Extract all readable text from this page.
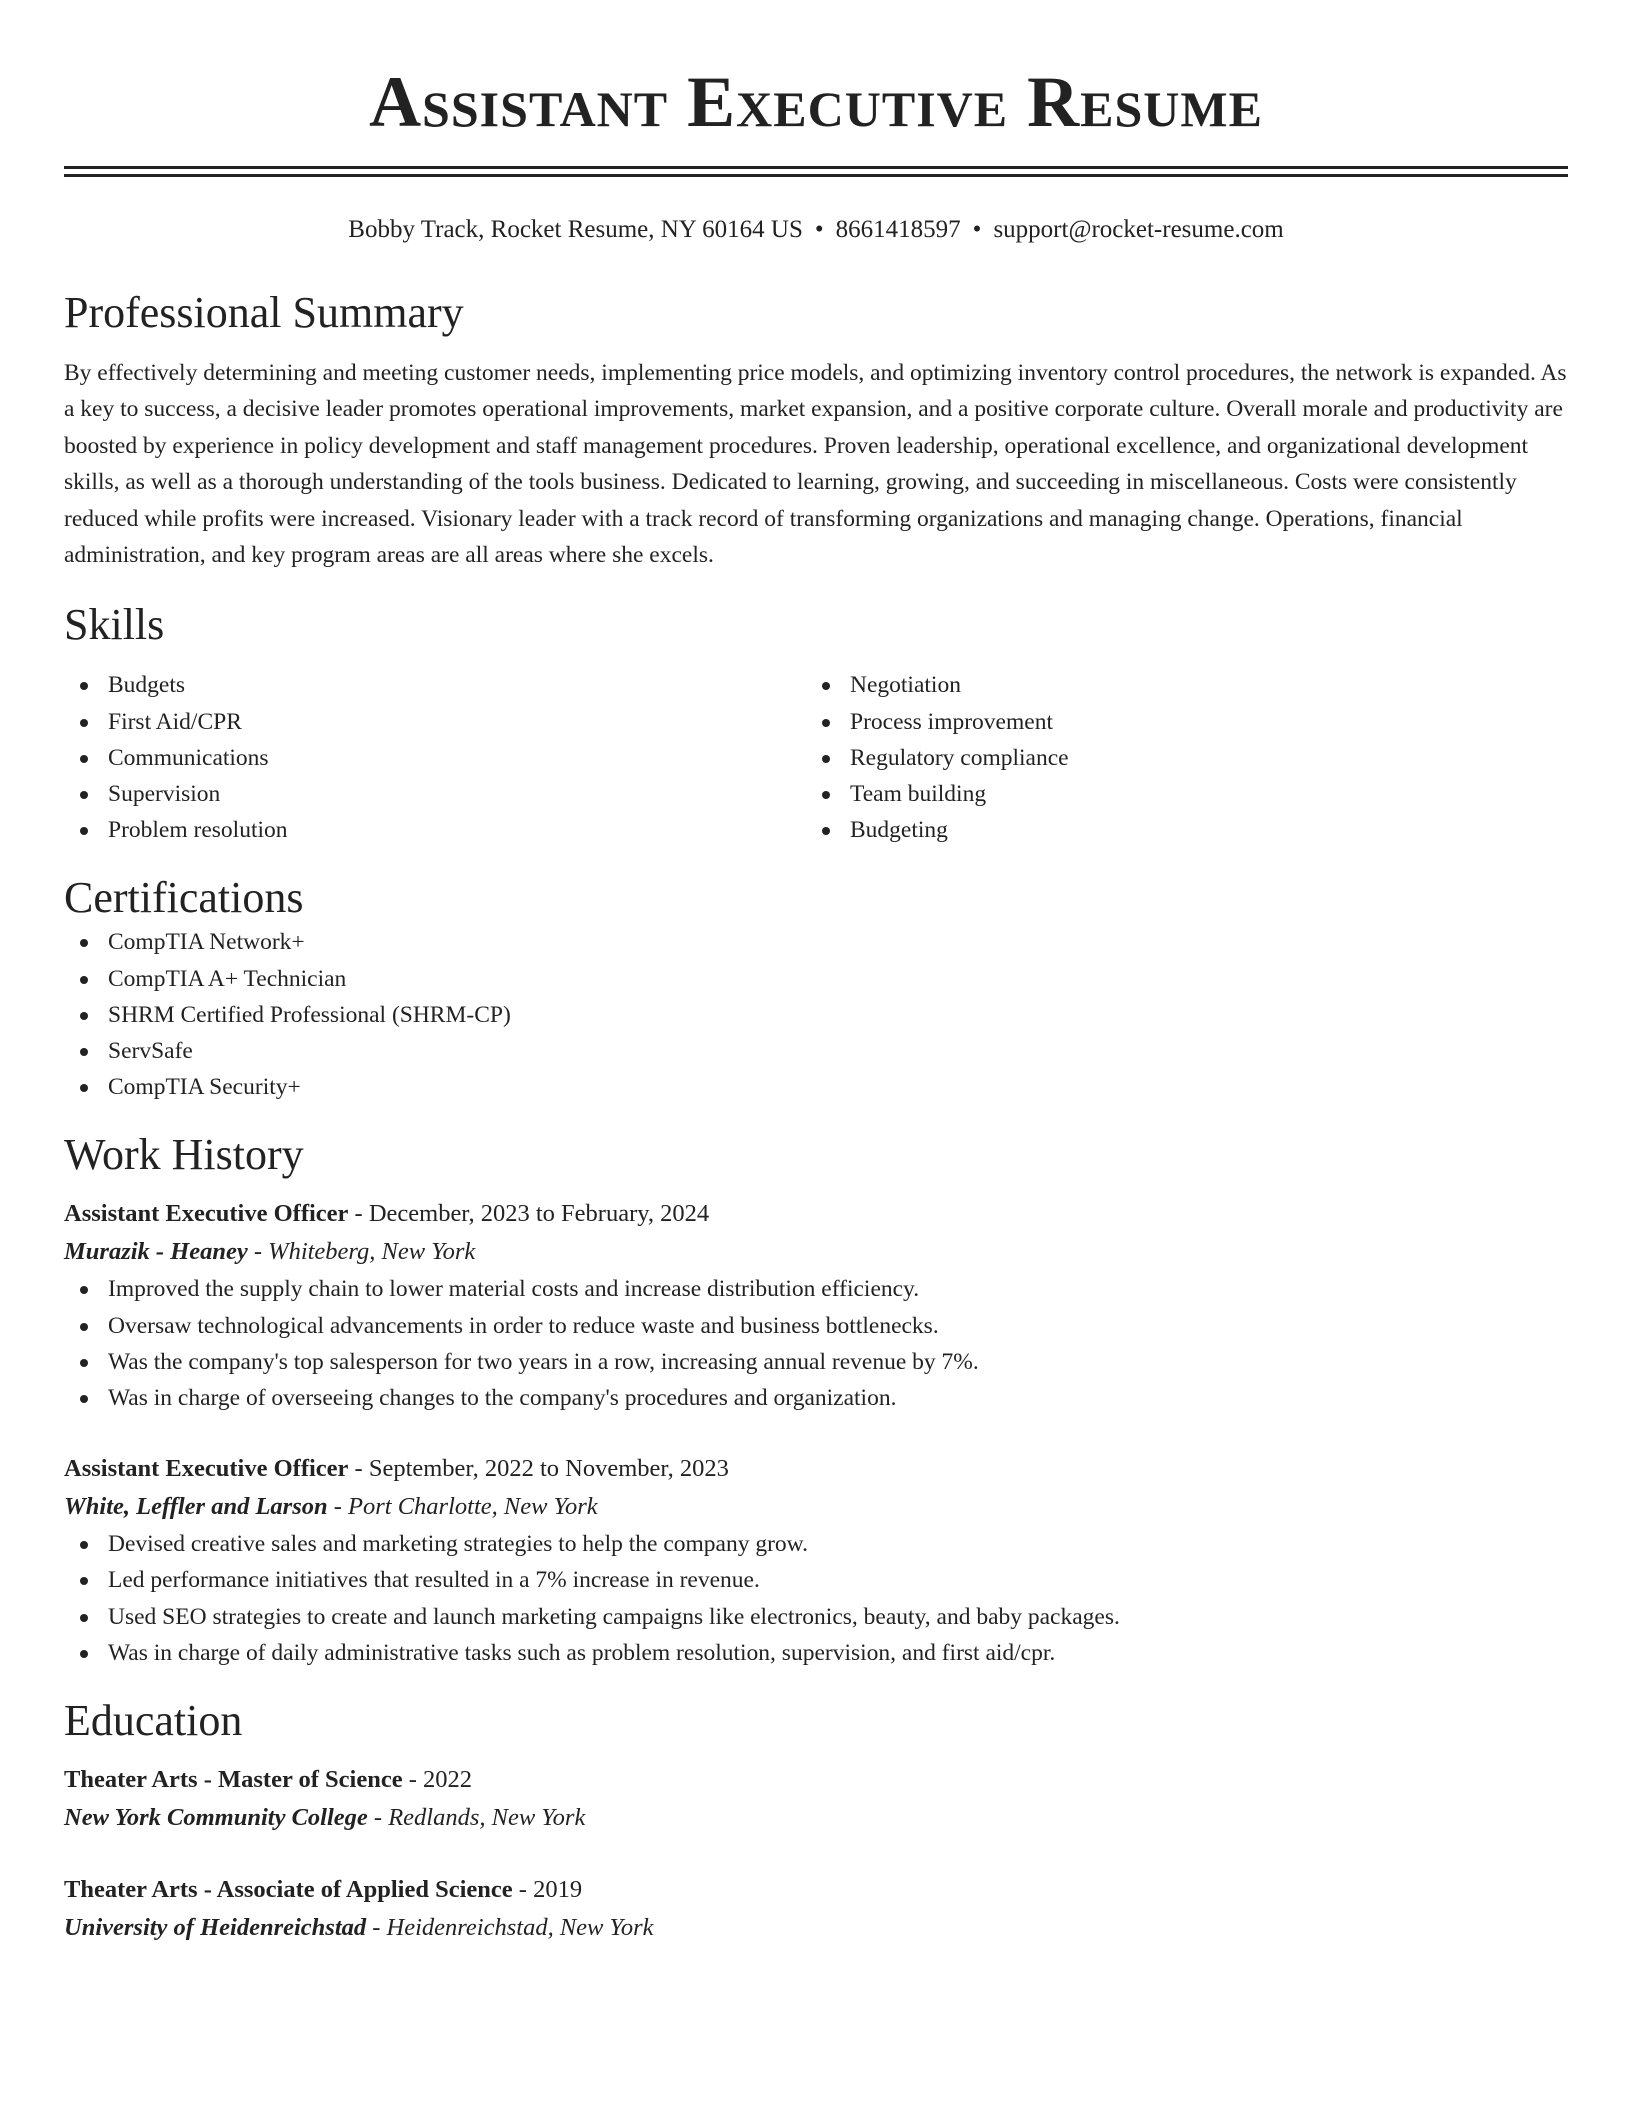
Assistant Executive Resume
Bobby Track, Rocket Resume, NY 60164 US • 8661418597 • support@rocket-resume.com
Professional Summary

By effectively determining and meeting customer needs, implementing price models, and optimizing inventory control procedures, the network is expanded. As a key to success, a decisive leader promotes operational improvements, market expansion, and a positive corporate culture. Overall morale and productivity are boosted by experience in policy development and staff management procedures. Proven leadership, operational excellence, and organizational development skills, as well as a thorough understanding of the tools business. Dedicated to learning, growing, and succeeding in miscellaneous. Costs were consistently reduced while profits were increased. Visionary leader with a track record of transforming organizations and managing change. Operations, financial administration, and key program areas are all areas where she excels.

Skills
Budgets
First Aid/CPR
Communications
Supervision
Problem resolution
Negotiation
Process improvement
Regulatory compliance
Team building
Budgeting
Certifications
CompTIA Network+
CompTIA A+ Technician
SHRM Certified Professional (SHRM-CP)
ServSafe
CompTIA Security+
Work History
Assistant Executive Officer - December, 2023 to February, 2024
Murazik - Heaney - Whiteberg, New York
Improved the supply chain to lower material costs and increase distribution efficiency.
Oversaw technological advancements in order to reduce waste and business bottlenecks.
Was the company's top salesperson for two years in a row, increasing annual revenue by 7%.
Was in charge of overseeing changes to the company's procedures and organization.
Assistant Executive Officer - September, 2022 to November, 2023
White, Leffler and Larson - Port Charlotte, New York
Devised creative sales and marketing strategies to help the company grow.
Led performance initiatives that resulted in a 7% increase in revenue.
Used SEO strategies to create and launch marketing campaigns like electronics, beauty, and baby packages.
Was in charge of daily administrative tasks such as problem resolution, supervision, and first aid/cpr.
Education
Theater Arts - Master of Science - 2022
New York Community College - Redlands, New York
Theater Arts - Associate of Applied Science - 2019
University of Heidenreichstad - Heidenreichstad, New York
